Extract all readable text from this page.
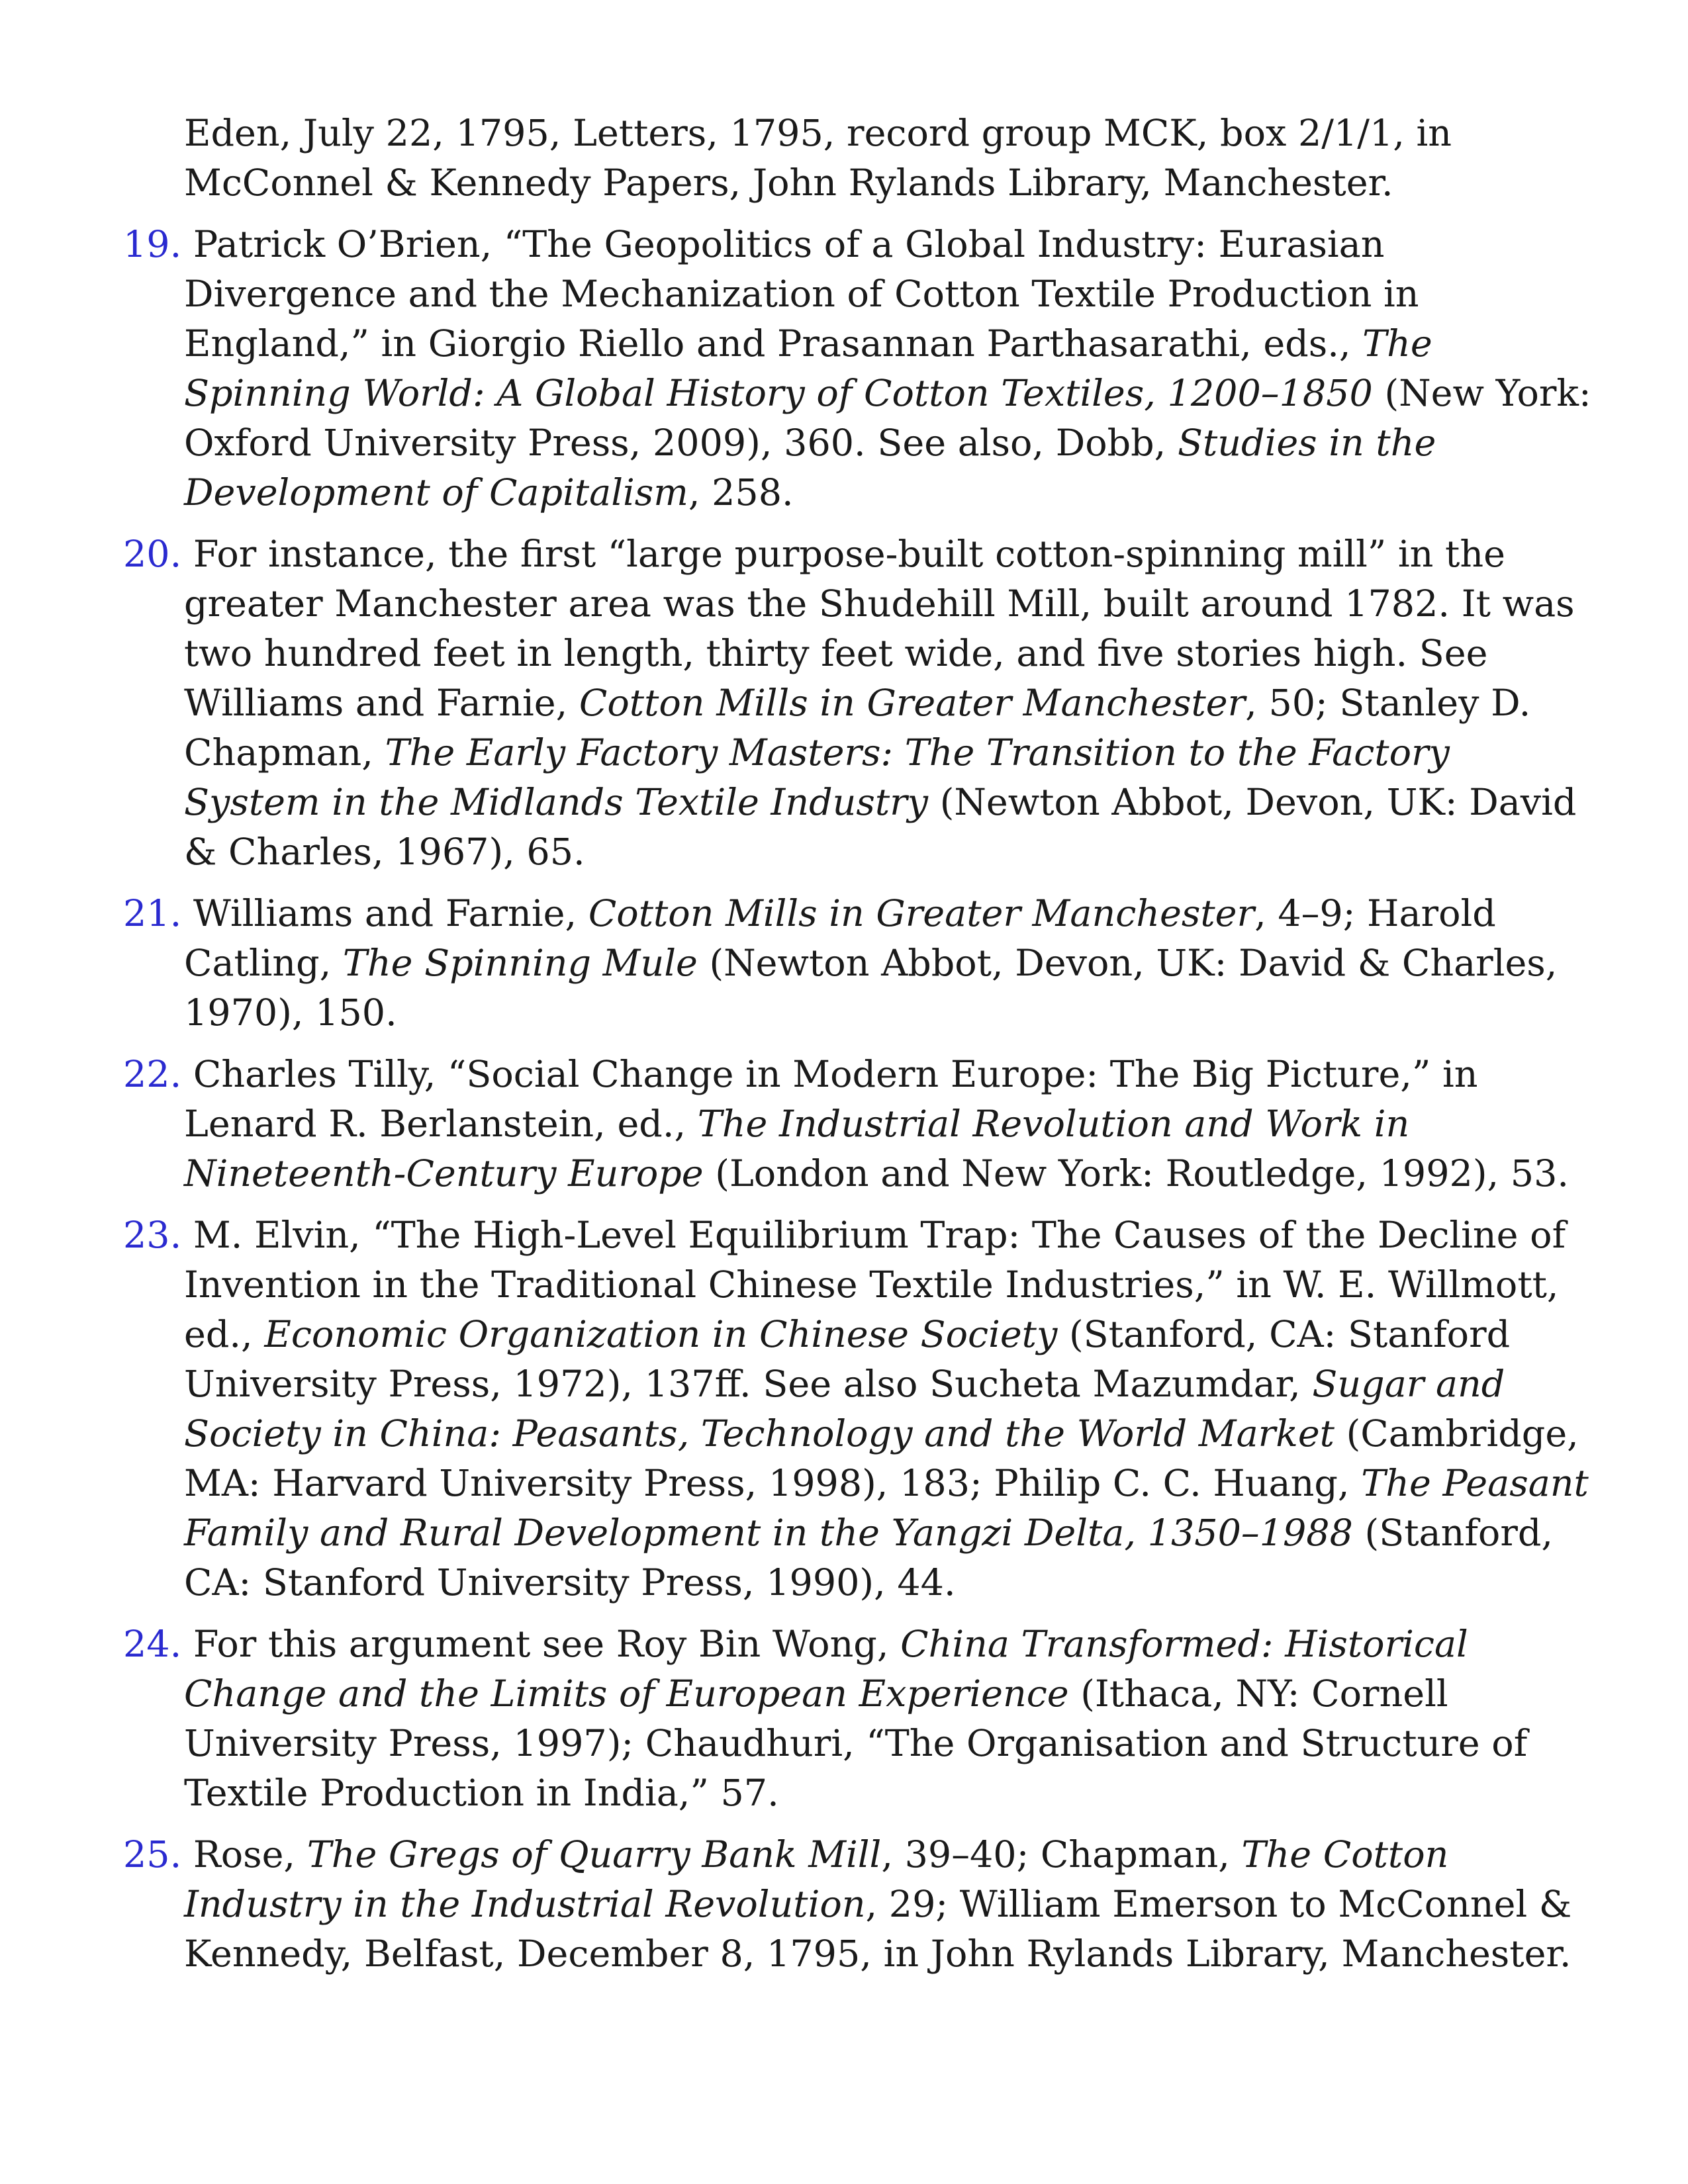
Eden, July 22, 1795, Letters, 1795, record group MCK, box 2/1/1, in McConnel & Kennedy Papers, John Rylands Library, Manchester.

19. Patrick O’Brien, “The Geopolitics of a Global Industry: Eurasian Divergence and the Mechanization of Cotton Textile Production in England,” in Giorgio Riello and Prasannan Parthasarathi, eds., The Spinning World: A Global History of Cotton Textiles, 1200–1850 (New York: Oxford University Press, 2009), 360. See also, Dobb, Studies in the Development of Capitalism, 258.

20. For instance, the first “large purpose-built cotton-spinning mill” in the greater Manchester area was the Shudehill Mill, built around 1782. It was two hundred feet in length, thirty feet wide, and five stories high. See Williams and Farnie, Cotton Mills in Greater Manchester, 50; Stanley D. Chapman, The Early Factory Masters: The Transition to the Factory System in the Midlands Textile Industry (Newton Abbot, Devon, UK: David & Charles, 1967), 65.

21. Williams and Farnie, Cotton Mills in Greater Manchester, 4–9; Harold Catling, The Spinning Mule (Newton Abbot, Devon, UK: David & Charles, 1970), 150.

22. Charles Tilly, “Social Change in Modern Europe: The Big Picture,” in Lenard R. Berlanstein, ed., The Industrial Revolution and Work in Nineteenth-Century Europe (London and New York: Routledge, 1992), 53.

23. M. Elvin, “The High-Level Equilibrium Trap: The Causes of the Decline of Invention in the Traditional Chinese Textile Industries,” in W. E. Willmott, ed., Economic Organization in Chinese Society (Stanford, CA: Stanford University Press, 1972), 137ff. See also Sucheta Mazumdar, Sugar and Society in China: Peasants, Technology and the World Market (Cambridge, MA: Harvard University Press, 1998), 183; Philip C. C. Huang, The Peasant Family and Rural Development in the Yangzi Delta, 1350–1988 (Stanford, CA: Stanford University Press, 1990), 44.

24. For this argument see Roy Bin Wong, China Transformed: Historical Change and the Limits of European Experience (Ithaca, NY: Cornell University Press, 1997); Chaudhuri, “The Organisation and Structure of Textile Production in India,” 57.

25. Rose, The Gregs of Quarry Bank Mill, 39–40; Chapman, The Cotton Industry in the Industrial Revolution, 29; William Emerson to McConnel & Kennedy, Belfast, December 8, 1795, in John Rylands Library, Manchester.
